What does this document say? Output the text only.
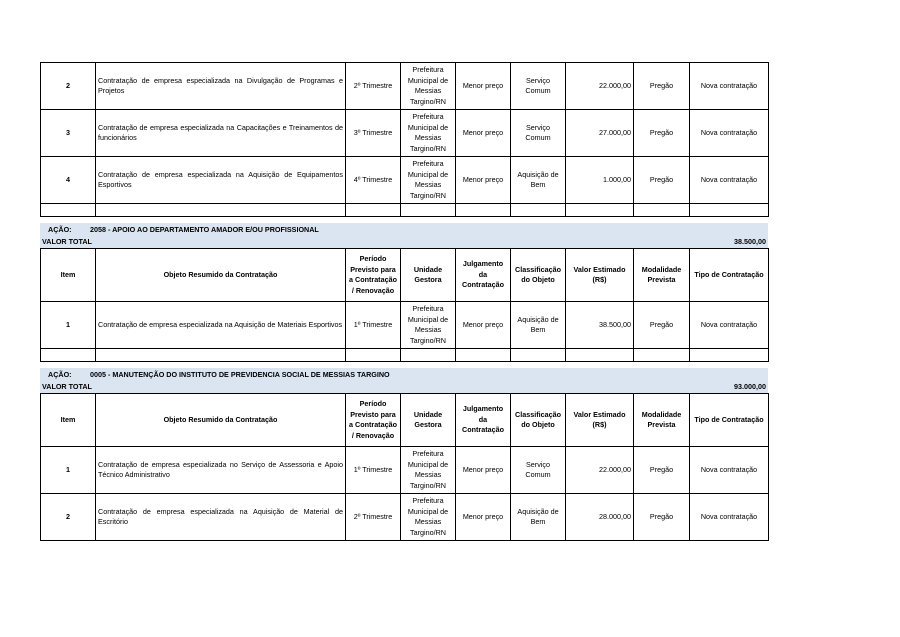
2	Contratação de empresa especializada na Divulgação de Programas e Projetos	2º Trimestre	Prefeitura Municipal de Messias Targino/RN	Menor preço	Serviço Comum	22.000,00	Pregão	Nova contratação
3	Contratação de empresa especializada na Capacitações e Treinamentos de funcionários	3º Trimestre	Prefeitura Municipal de Messias Targino/RN	Menor preço	Serviço Comum	27.000,00	Pregão	Nova contratação
4	Contratação de empresa especializada na Aquisição de Equipamentos Esportivos	4º Trimestre	Prefeitura Municipal de Messias Targino/RN	Menor preço	Aquisição de Bem	1.000,00	Pregão	Nova contratação

AÇÃO:	2058 - APOIO AO DEPARTAMENTO AMADOR E/OU PROFISSIONAL
VALOR TOTAL	38.500,00
Item	Objeto Resumido da Contratação	Período Previsto para a Contratação / Renovação	Unidade Gestora	Julgamento da Contratação	Classificação do Objeto	Valor Estimado (R$)	Modalidade Prevista	Tipo de Contratação
1	Contratação de empresa especializada na Aquisição de Materiais Esportivos	1º Trimestre	Prefeitura Municipal de Messias Targino/RN	Menor preço	Aquisição de Bem	38.500,00	Pregão	Nova contratação

AÇÃO:	0005 - MANUTENÇÃO DO INSTITUTO DE PREVIDENCIA SOCIAL DE MESSIAS TARGINO
VALOR TOTAL	93.000,00
Item	Objeto Resumido da Contratação	Período Previsto para a Contratação / Renovação	Unidade Gestora	Julgamento da Contratação	Classificação do Objeto	Valor Estimado (R$)	Modalidade Prevista	Tipo de Contratação
1	Contratação de empresa especializada no Serviço de Assessoria e Apoio Técnico Administrativo	1º Trimestre	Prefeitura Municipal de Messias Targino/RN	Menor preço	Serviço Comum	22.000,00	Pregão	Nova contratação
2	Contratação de empresa especializada na Aquisição de Material de Escritório	2º Trimestre	Prefeitura Municipal de Messias Targino/RN	Menor preço	Aquisição de Bem	28.000,00	Pregão	Nova contratação
